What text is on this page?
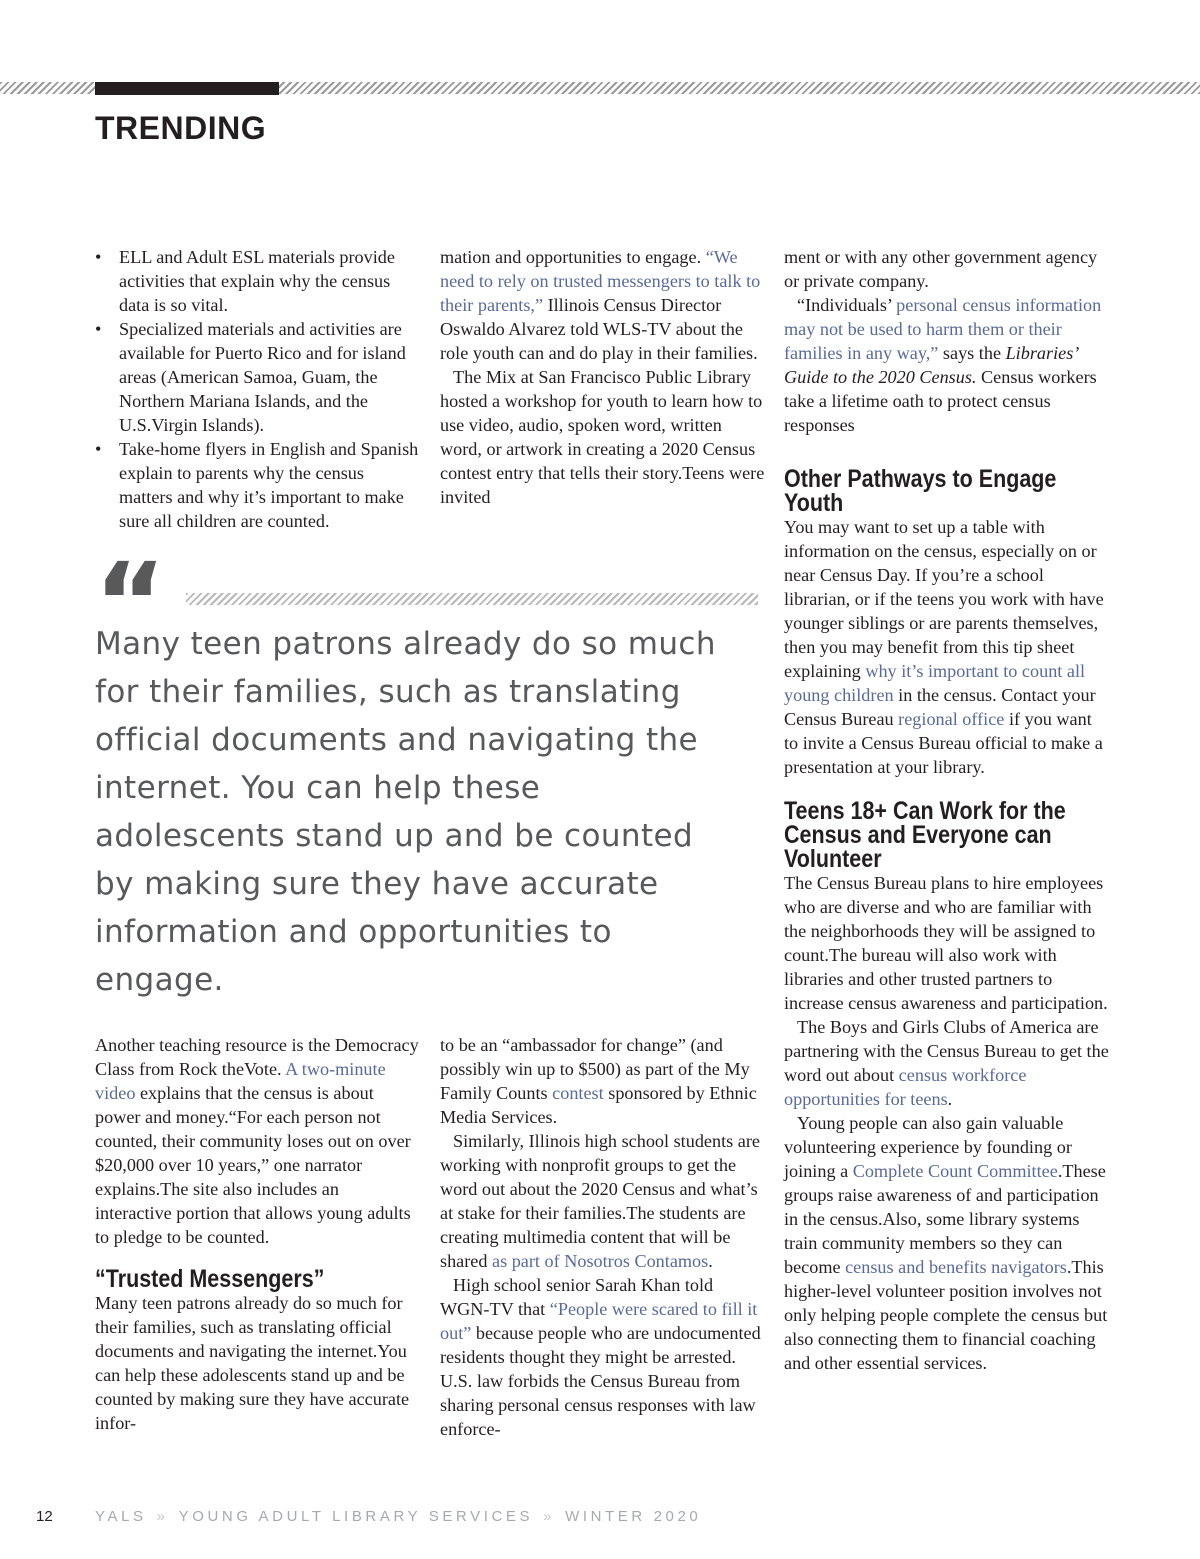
TRENDING
• ELL and Adult ESL materials provide activities that explain why the census data is so vital.
• Specialized materials and activities are available for Puerto Rico and for island areas (American Samoa, Guam, the Northern Mariana Islands, and the U.S.Virgin Islands).
• Take-home flyers in English and Spanish explain to parents why the census matters and why it’s important to make sure all children are counted.

mation and opportunities to engage. “We need to rely on trusted messengers to talk to their parents,” Illinois Census Director Oswaldo Alvarez told WLS-TV about the role youth can and do play in their families.

The Mix at San Francisco Public Library hosted a workshop for youth to learn how to use video, audio, spoken word, written word, or artwork in creating a 2020 Census contest entry that tells their story.Teens were invited

ment or with any other government agency or private company.

“Individuals’ personal census information may not be used to harm them or their families in any way,” says the Libraries’ Guide to the 2020 Census. Census workers take a lifetime oath to protect census responses

Other Pathways to Engage Youth

You may want to set up a table with information on the census, especially on or near Census Day. If you’re a school librarian, or if the teens you work with have younger siblings or are parents themselves, then you may benefit from this tip sheet explaining why it’s important to count all young children in the census. Contact your Census Bureau regional office if you want to invite a Census Bureau official to make a presentation at your library.

Teens 18+ Can Work for the Census and Everyone can Volunteer

The Census Bureau plans to hire employees who are diverse and who are familiar with the neighborhoods they will be assigned to count.The bureau will also work with libraries and other trusted partners to increase census awareness and participation.

The Boys and Girls Clubs of America are partnering with the Census Bureau to get the word out about census workforce opportunities for teens.

Young people can also gain valuable volunteering experience by founding or joining a Complete Count Committee.These groups raise awareness of and participation in the census.Also, some library systems train community members so they can become census and benefits navigators.This higher-level volunteer position involves not only helping people complete the census but also connecting them to financial coaching and other essential services.

“

Many teen patrons already do so much for their families, such as translating official documents and navigating the internet. You can help these adolescents stand up and be counted by making sure they have accurate information and opportunities to engage.

Another teaching resource is the Democracy Class from Rock theVote. A two-minute video explains that the census is about power and money.“For each person not counted, their community loses out on over $20,000 over 10 years,” one narrator explains.The site also includes an interactive portion that allows young adults to pledge to be counted.

“Trusted Messengers”

Many teen patrons already do so much for their families, such as translating official documents and navigating the internet.You can help these adolescents stand up and be counted by making sure they have accurate infor-

to be an “ambassador for change” (and possibly win up to $500) as part of the My Family Counts contest sponsored by Ethnic Media Services.

Similarly, Illinois high school students are working with nonprofit groups to get the word out about the 2020 Census and what’s at stake for their families.The students are creating multimedia content that will be shared as part of Nosotros Contamos.

High school senior Sarah Khan told WGN-TV that “People were scared to fill it out” because people who are undocumented residents thought they might be arrested. U.S. law forbids the Census Bureau from sharing personal census responses with law enforce-

12	YALS » YOUNG ADULT LIBRARY SERVICES » WINTER 2020
